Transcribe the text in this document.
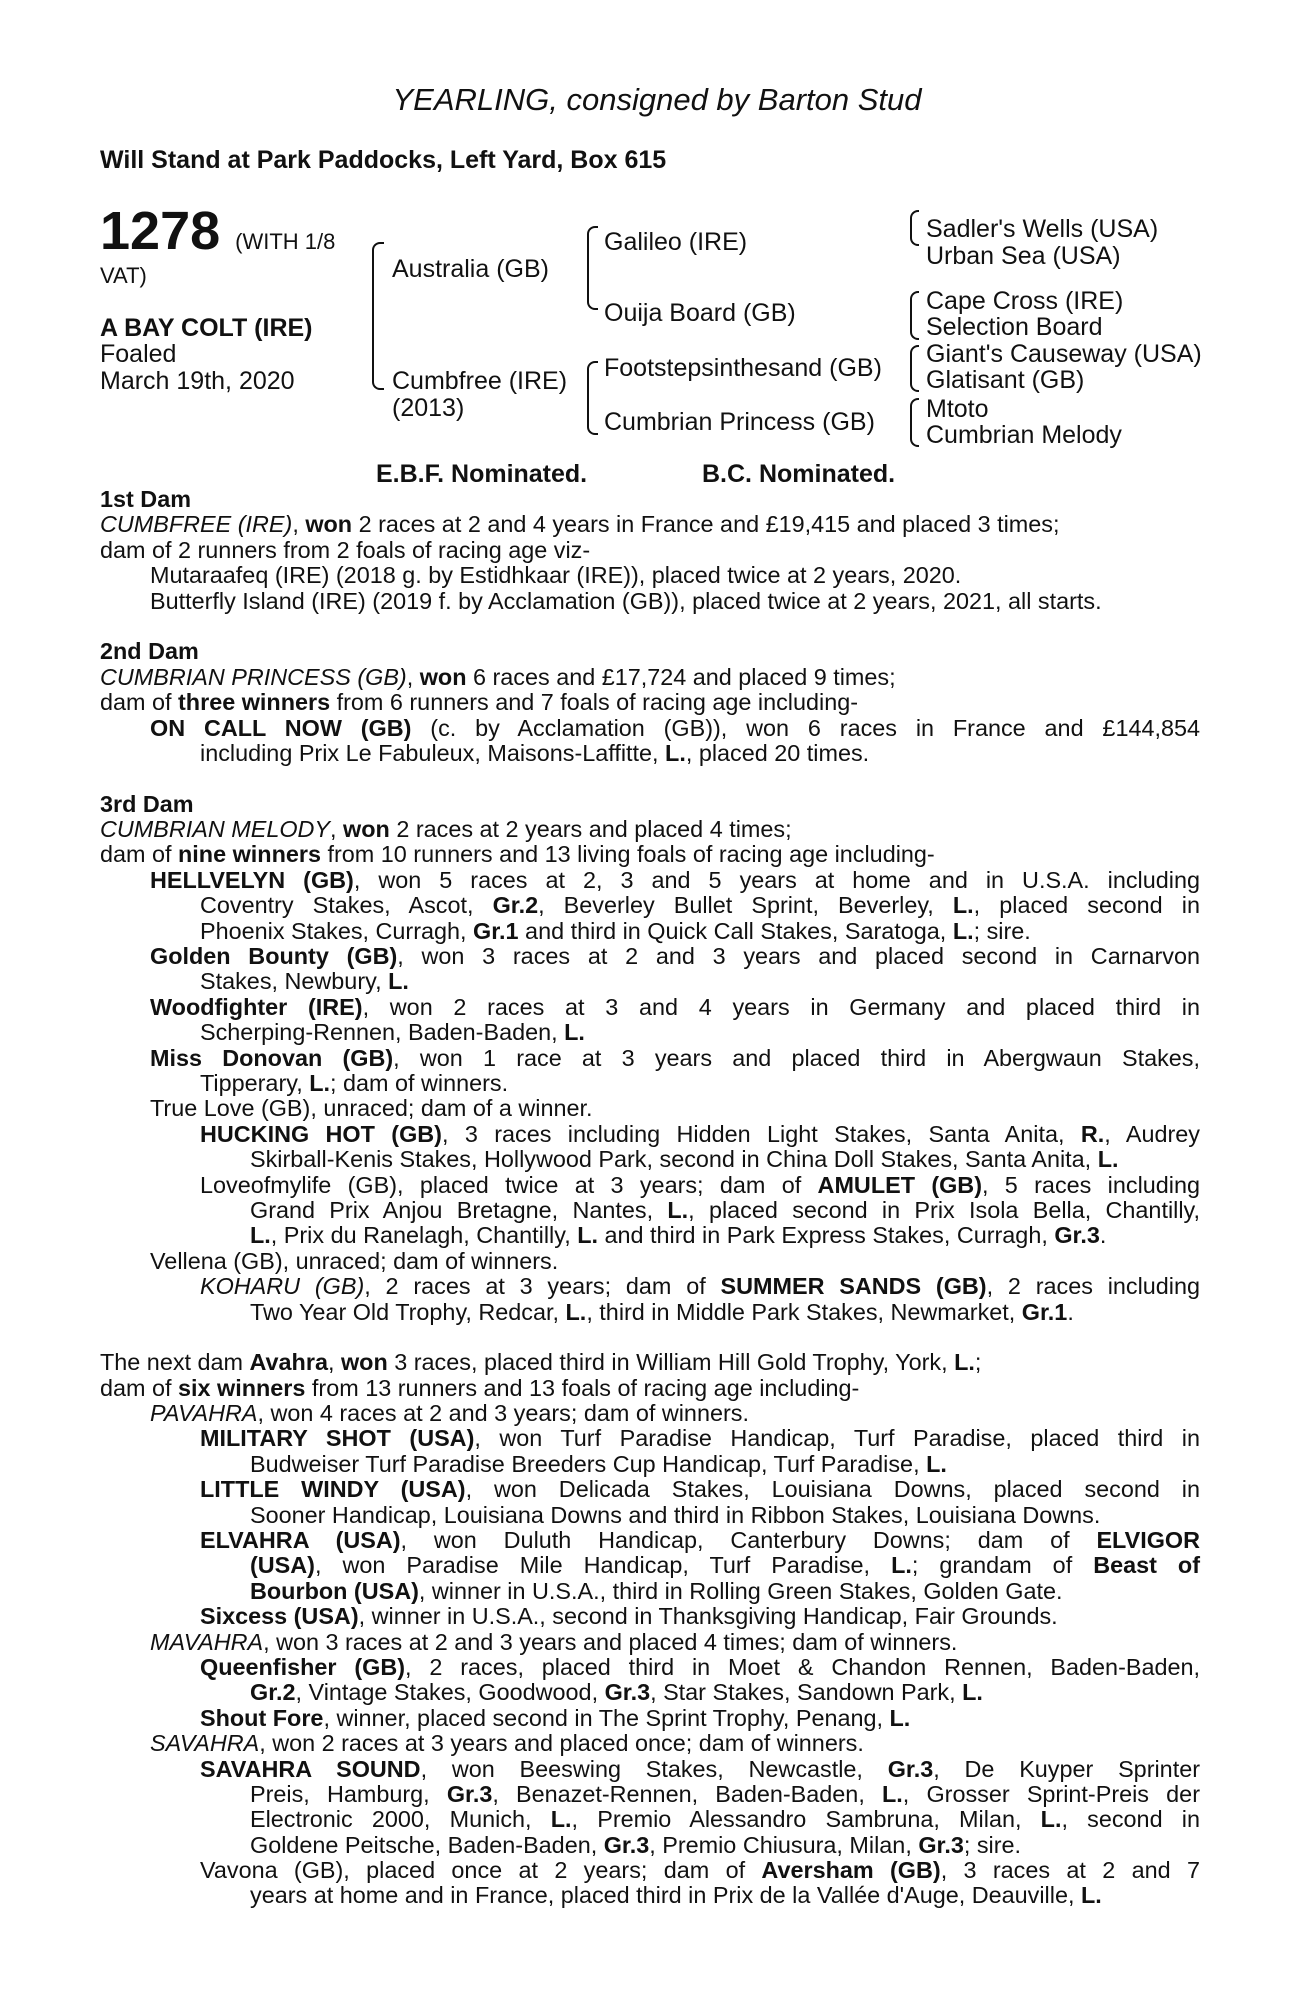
YEARLING, consigned by Barton Stud
Will Stand at Park Paddocks, Left Yard, Box 615
1278 (WITH 1/8
VAT)
A BAY COLT (IRE)
Foaled
March 19th, 2020
Australia (GB)
Cumbfree (IRE)
(2013)
Galileo (IRE)
Ouija Board (GB)
Footstepsinthesand (GB)
Cumbrian Princess (GB)
Sadler's Wells (USA)
Urban Sea (USA)
Cape Cross (IRE)
Selection Board
Giant's Causeway (USA)
Glatisant (GB)
Mtoto
Cumbrian Melody
E.B.F. Nominated.	B.C. Nominated.
1st Dam
CUMBFREE (IRE), won 2 races at 2 and 4 years in France and £19,415 and placed 3 times;
dam of 2 runners from 2 foals of racing age viz-
Mutaraafeq (IRE) (2018 g. by Estidhkaar (IRE)), placed twice at 2 years, 2020.
Butterfly Island (IRE) (2019 f. by Acclamation (GB)), placed twice at 2 years, 2021, all starts.
2nd Dam
CUMBRIAN PRINCESS (GB), won 6 races and £17,724 and placed 9 times;
dam of three winners from 6 runners and 7 foals of racing age including-
ON CALL NOW (GB) (c. by Acclamation (GB)), won 6 races in France and £144,854
including Prix Le Fabuleux, Maisons-Laffitte, L., placed 20 times.
3rd Dam
CUMBRIAN MELODY, won 2 races at 2 years and placed 4 times;
dam of nine winners from 10 runners and 13 living foals of racing age including-
HELLVELYN (GB), won 5 races at 2, 3 and 5 years at home and in U.S.A. including
Coventry Stakes, Ascot, Gr.2, Beverley Bullet Sprint, Beverley, L., placed second in
Phoenix Stakes, Curragh, Gr.1 and third in Quick Call Stakes, Saratoga, L.; sire.
Golden Bounty (GB), won 3 races at 2 and 3 years and placed second in Carnarvon
Stakes, Newbury, L.
Woodfighter (IRE), won 2 races at 3 and 4 years in Germany and placed third in
Scherping-Rennen, Baden-Baden, L.
Miss Donovan (GB), won 1 race at 3 years and placed third in Abergwaun Stakes,
Tipperary, L.; dam of winners.
True Love (GB), unraced; dam of a winner.
HUCKING HOT (GB), 3 races including Hidden Light Stakes, Santa Anita, R., Audrey
Skirball-Kenis Stakes, Hollywood Park, second in China Doll Stakes, Santa Anita, L.
Loveofmylife (GB), placed twice at 3 years; dam of AMULET (GB), 5 races including
Grand Prix Anjou Bretagne, Nantes, L., placed second in Prix Isola Bella, Chantilly,
L., Prix du Ranelagh, Chantilly, L. and third in Park Express Stakes, Curragh, Gr.3.
Vellena (GB), unraced; dam of winners.
KOHARU (GB), 2 races at 3 years; dam of SUMMER SANDS (GB), 2 races including
Two Year Old Trophy, Redcar, L., third in Middle Park Stakes, Newmarket, Gr.1.
The next dam Avahra, won 3 races, placed third in William Hill Gold Trophy, York, L.;
dam of six winners from 13 runners and 13 foals of racing age including-
PAVAHRA, won 4 races at 2 and 3 years; dam of winners.
MILITARY SHOT (USA), won Turf Paradise Handicap, Turf Paradise, placed third in
Budweiser Turf Paradise Breeders Cup Handicap, Turf Paradise, L.
LITTLE WINDY (USA), won Delicada Stakes, Louisiana Downs, placed second in
Sooner Handicap, Louisiana Downs and third in Ribbon Stakes, Louisiana Downs.
ELVAHRA (USA), won Duluth Handicap, Canterbury Downs; dam of ELVIGOR
(USA), won Paradise Mile Handicap, Turf Paradise, L.; grandam of Beast of
Bourbon (USA), winner in U.S.A., third in Rolling Green Stakes, Golden Gate.
Sixcess (USA), winner in U.S.A., second in Thanksgiving Handicap, Fair Grounds.
MAVAHRA, won 3 races at 2 and 3 years and placed 4 times; dam of winners.
Queenfisher (GB), 2 races, placed third in Moet & Chandon Rennen, Baden-Baden,
Gr.2, Vintage Stakes, Goodwood, Gr.3, Star Stakes, Sandown Park, L.
Shout Fore, winner, placed second in The Sprint Trophy, Penang, L.
SAVAHRA, won 2 races at 3 years and placed once; dam of winners.
SAVAHRA SOUND, won Beeswing Stakes, Newcastle, Gr.3, De Kuyper Sprinter
Preis, Hamburg, Gr.3, Benazet-Rennen, Baden-Baden, L., Grosser Sprint-Preis der
Electronic 2000, Munich, L., Premio Alessandro Sambruna, Milan, L., second in
Goldene Peitsche, Baden-Baden, Gr.3, Premio Chiusura, Milan, Gr.3; sire.
Vavona (GB), placed once at 2 years; dam of Aversham (GB), 3 races at 2 and 7
years at home and in France, placed third in Prix de la Vallée d'Auge, Deauville, L.
